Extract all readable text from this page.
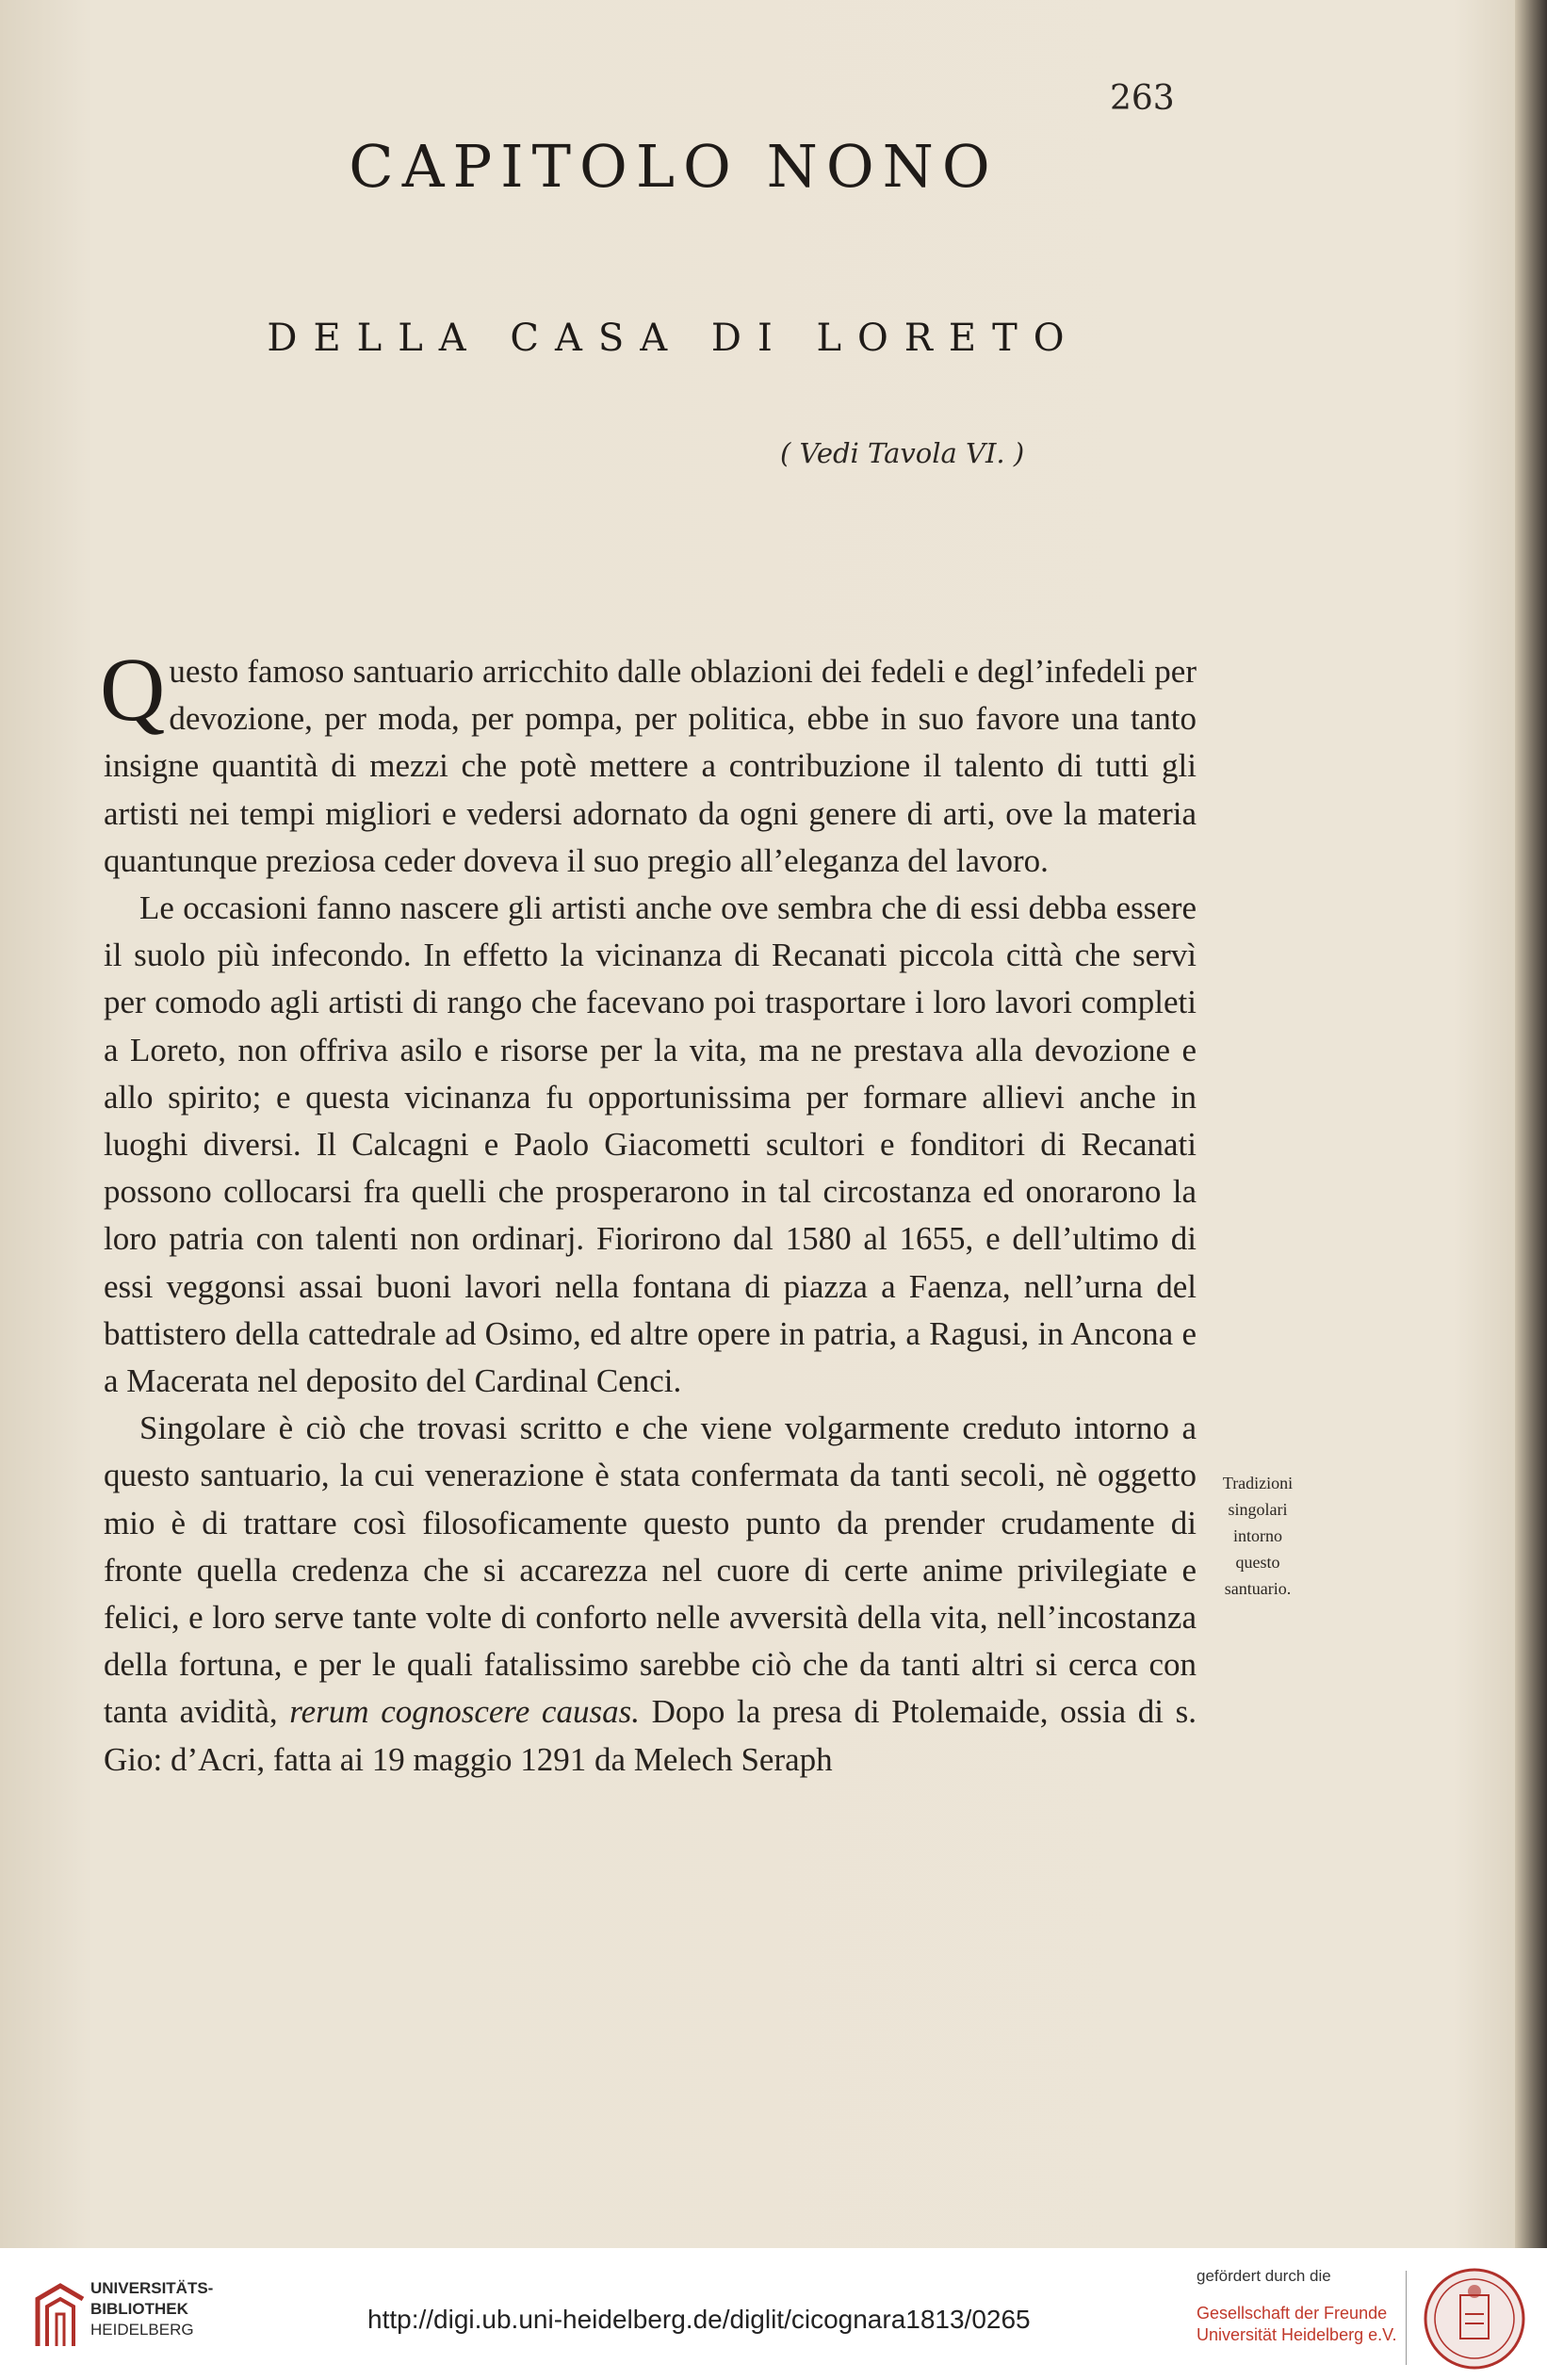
263
CAPITOLO NONO
DELLA CASA DI LORETO
( Vedi Tavola VI. )

Questo famoso santuario arricchito dalle oblazioni dei fedeli e degl’infedeli per devozione, per moda, per pompa, per politica, ebbe in suo favore una tanto insigne quantità di mezzi che potè mettere a contribuzione il talento di tutti gli artisti nei tempi migliori e vedersi adornato da ogni genere di arti, ove la materia quantunque preziosa ceder doveva il suo pregio all’eleganza del lavoro.

Le occasioni fanno nascere gli artisti anche ove sembra che di essi debba essere il suolo più infecondo. In effetto la vicinanza di Recanati piccola città che servì per comodo agli artisti di rango che facevano poi trasportare i loro lavori completi a Loreto, non offriva asilo e risorse per la vita, ma ne prestava alla devozione e allo spirito; e questa vicinanza fu opportunissima per formare allievi anche in luoghi diversi. Il Calcagni e Paolo Giacometti scultori e fonditori di Recanati possono collocarsi fra quelli che prosperarono in tal circostanza ed onorarono la loro patria con talenti non ordinarj. Fiorirono dal 1580 al 1655, e dell’ultimo di essi veggonsi assai buoni lavori nella fontana di piazza a Faenza, nell’urna del battistero della cattedrale ad Osimo, ed altre opere in patria, a Ragusi, in Ancona e a Macerata nel deposito del Cardinal Cenci.

Singolare è ciò che trovasi scritto e che viene volgarmente creduto intorno a questo santuario, la cui venerazione è stata confermata da tanti secoli, nè oggetto mio è di trattare così filosoficamente questo punto da prender crudamente di fronte quella credenza che si accarezza nel cuore di certe anime privilegiate e felici, e loro serve tante volte di conforto nelle avversità della vita, nell’incostanza della fortuna, e per le quali fatalissimo sarebbe ciò che da tanti altri si cerca con tanta avidità, rerum cognoscere causas. Dopo la presa di Ptolemaide, ossia di s. Gio: d’Acri, fatta ai 19 maggio 1291 da Melech Seraph

Tradizioni
singolari
intorno
questo
santuario.
UNIVERSITÄTS-
BIBLIOTHEK
HEIDELBERG	http://digi.ub.uni-heidelberg.de/diglit/cicognara1813/0265
gefördert durch die
Gesellschaft der Freunde
Universität Heidelberg e.V.
